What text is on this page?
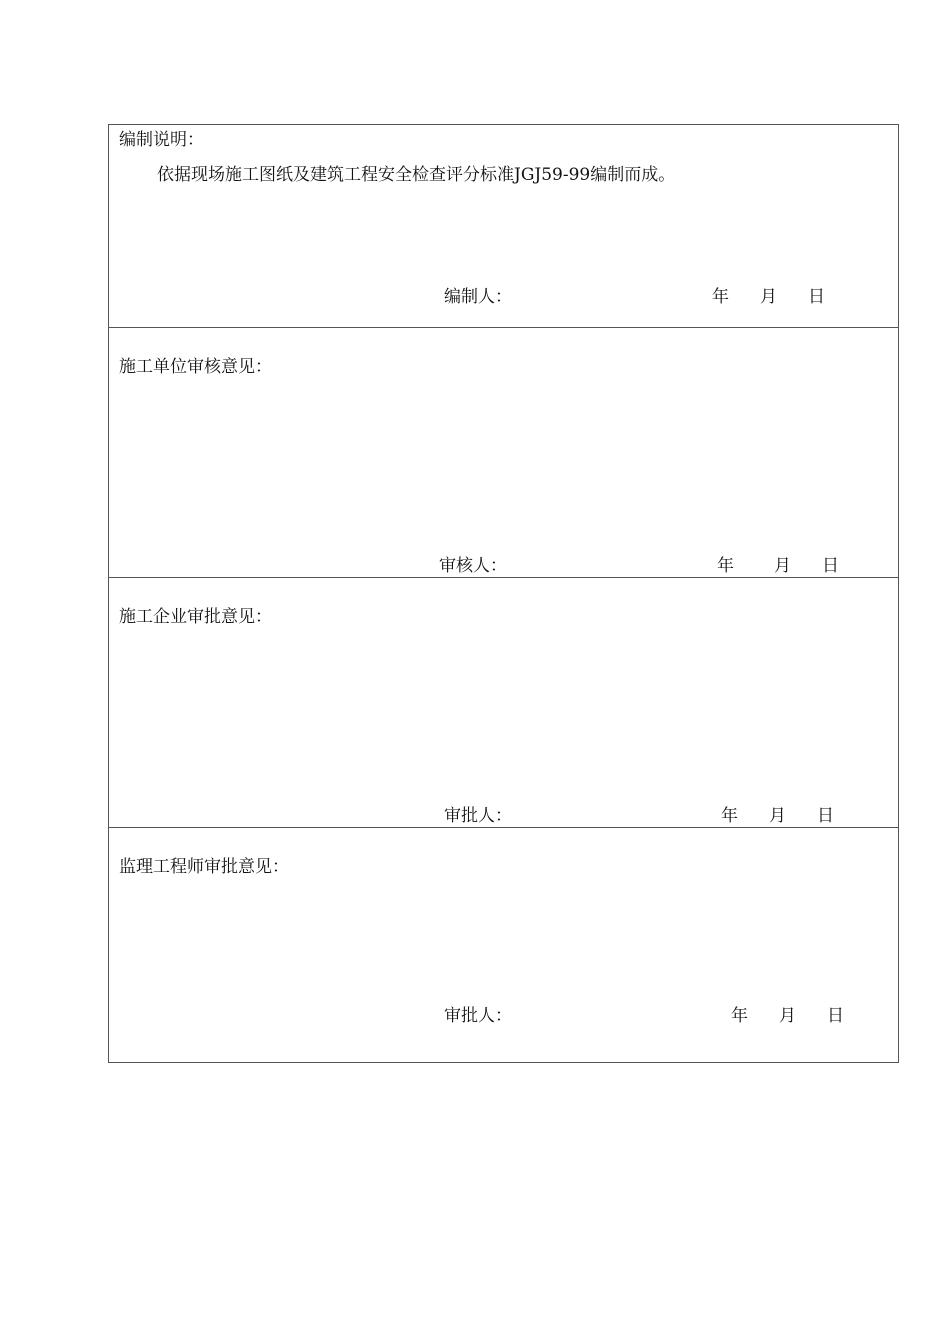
编制说明：
依据现场施工图纸及建筑工程安全检查评分标准JGJ59-99编制而成。
编制人：	年 月 日
施工单位审核意见：
审核人：	年 月 日
施工企业审批意见：
审批人：	年 月 日
监理工程师审批意见：
审批人：	年 月 日
